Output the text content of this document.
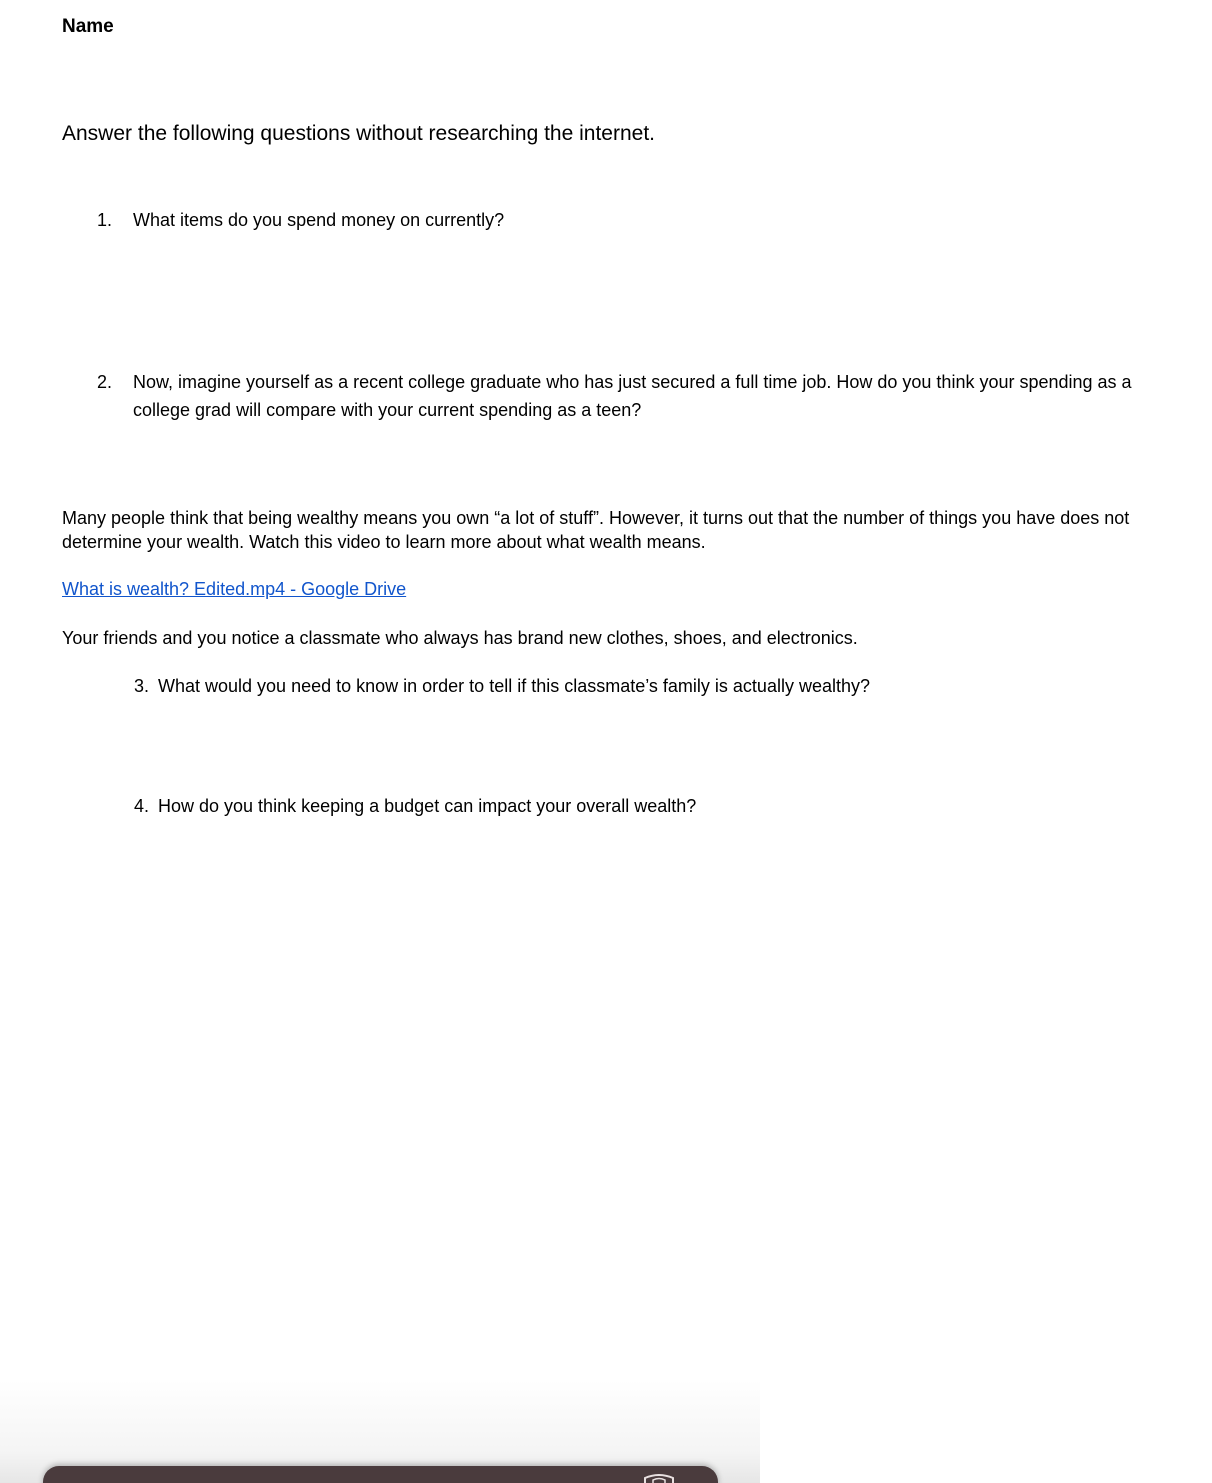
Name
Answer the following questions without researching the internet.
1. What items do you spend money on currently?
2. Now, imagine yourself as a recent college graduate who has just secured a full time job. How do you think your spending as a college grad will compare with your current spending as a teen?
Many people think that being wealthy means you own “a lot of stuff”. However, it turns out that the number of things you have does not determine your wealth. Watch this video to learn more about what wealth means.
What is wealth? Edited.mp4 - Google Drive
Your friends and you notice a classmate who always has brand new clothes, shoes, and electronics.
3. What would you need to know in order to tell if this classmate’s family is actually wealthy?
4. How do you think keeping a budget can impact your overall wealth?
